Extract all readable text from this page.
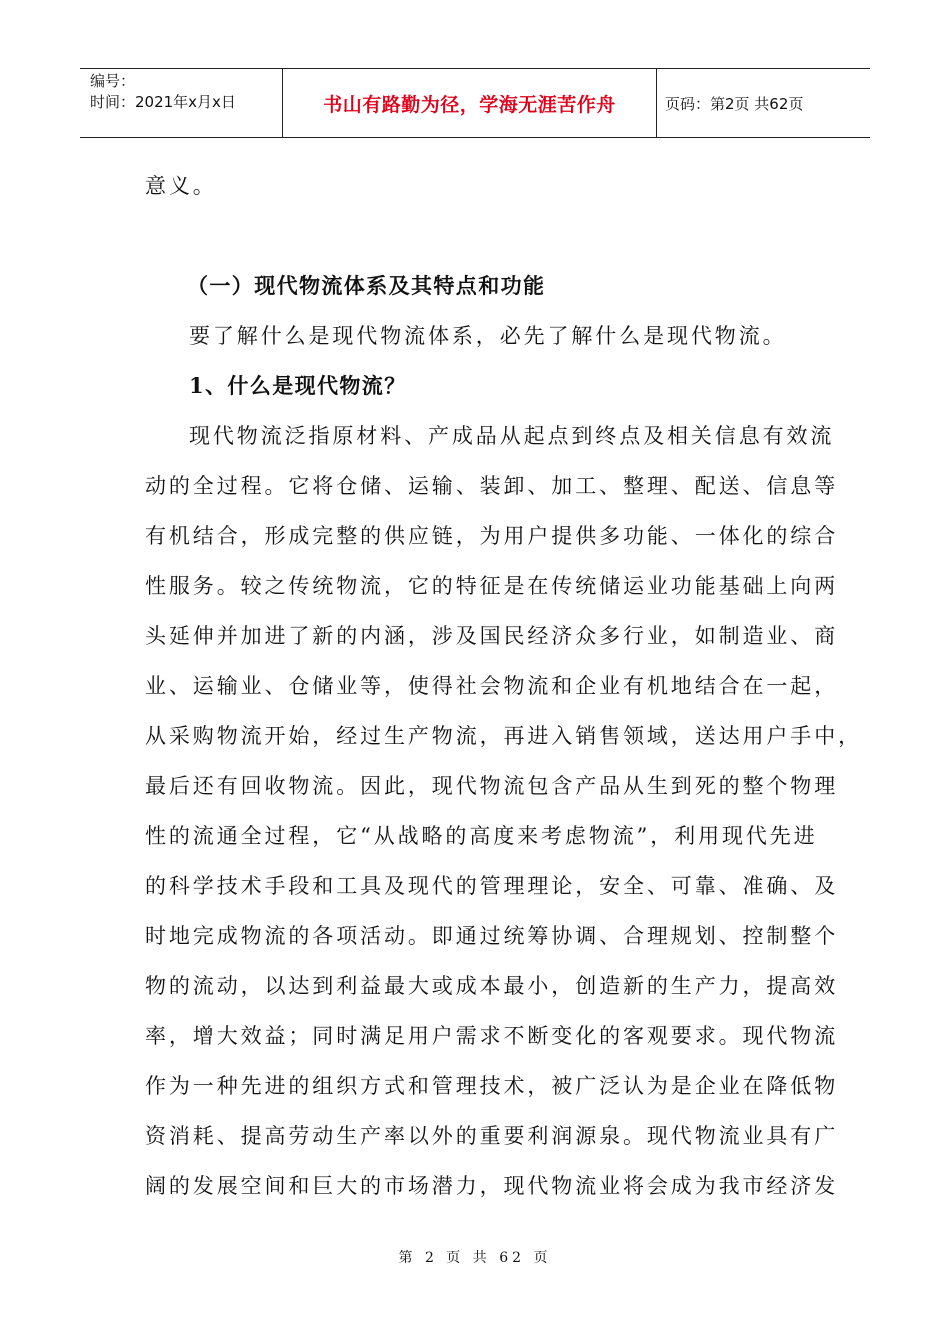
编号：
时间：2021年x月x日	书山有路勤为径，学海无涯苦作舟	页码：第2页 共62页
意义。
（一）现代物流体系及其特点和功能
要了解什么是现代物流体系，必先了解什么是现代物流。
1、什么是现代物流？
现代物流泛指原材料、产成品从起点到终点及相关信息有效流
动的全过程。它将仓储、运输、装卸、加工、整理、配送、信息等
有机结合，形成完整的供应链，为用户提供多功能、一体化的综合
性服务。较之传统物流，它的特征是在传统储运业功能基础上向两
头延伸并加进了新的内涵，涉及国民经济众多行业，如制造业、商
业、运输业、仓储业等，使得社会物流和企业有机地结合在一起，
从采购物流开始，经过生产物流，再进入销售领域，送达用户手中，
最后还有回收物流。因此，现代物流包含产品从生到死的整个物理
性的流通全过程，它“从战略的高度来考虑物流”，利用现代先进
的科学技术手段和工具及现代的管理理论，安全、可靠、准确、及
时地完成物流的各项活动。即通过统筹协调、合理规划、控制整个
物的流动，以达到利益最大或成本最小，创造新的生产力，提高效
率，增大效益；同时满足用户需求不断变化的客观要求。现代物流
作为一种先进的组织方式和管理技术，被广泛认为是企业在降低物
资消耗、提高劳动生产率以外的重要利润源泉。现代物流业具有广
阔的发展空间和巨大的市场潜力，现代物流业将会成为我市经济发
第 2 页 共 62 页
